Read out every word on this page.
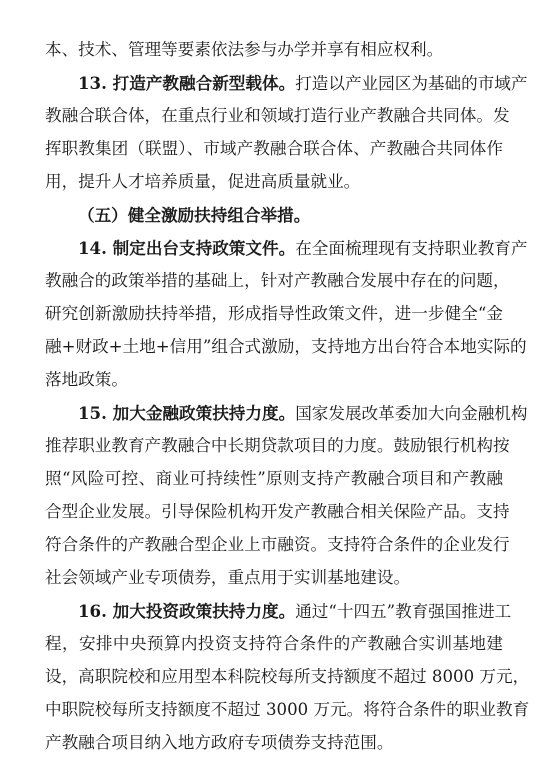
本、技术、管理等要素依法参与办学并享有相应权利。
13. 打造产教融合新型载体。打造以产业园区为基础的市域产
教融合联合体，在重点行业和领域打造行业产教融合共同体。发
挥职教集团（联盟）、市域产教融合联合体、产教融合共同体作
用，提升人才培养质量，促进高质量就业。
（五）健全激励扶持组合举措。
14. 制定出台支持政策文件。在全面梳理现有支持职业教育产
教融合的政策举措的基础上，针对产教融合发展中存在的问题，
研究创新激励扶持举措，形成指导性政策文件，进一步健全“金
融+财政+土地+信用”组合式激励，支持地方出台符合本地实际的
落地政策。
15. 加大金融政策扶持力度。国家发展改革委加大向金融机构
推荐职业教育产教融合中长期贷款项目的力度。鼓励银行机构按
照“风险可控、商业可持续性”原则支持产教融合项目和产教融
合型企业发展。引导保险机构开发产教融合相关保险产品。支持
符合条件的产教融合型企业上市融资。支持符合条件的企业发行
社会领域产业专项债券，重点用于实训基地建设。
16. 加大投资政策扶持力度。通过“十四五”教育强国推进工
程，安排中央预算内投资支持符合条件的产教融合实训基地建
设，高职院校和应用型本科院校每所支持额度不超过 8000 万元，
中职院校每所支持额度不超过 3000 万元。将符合条件的职业教育
产教融合项目纳入地方政府专项债券支持范围。
